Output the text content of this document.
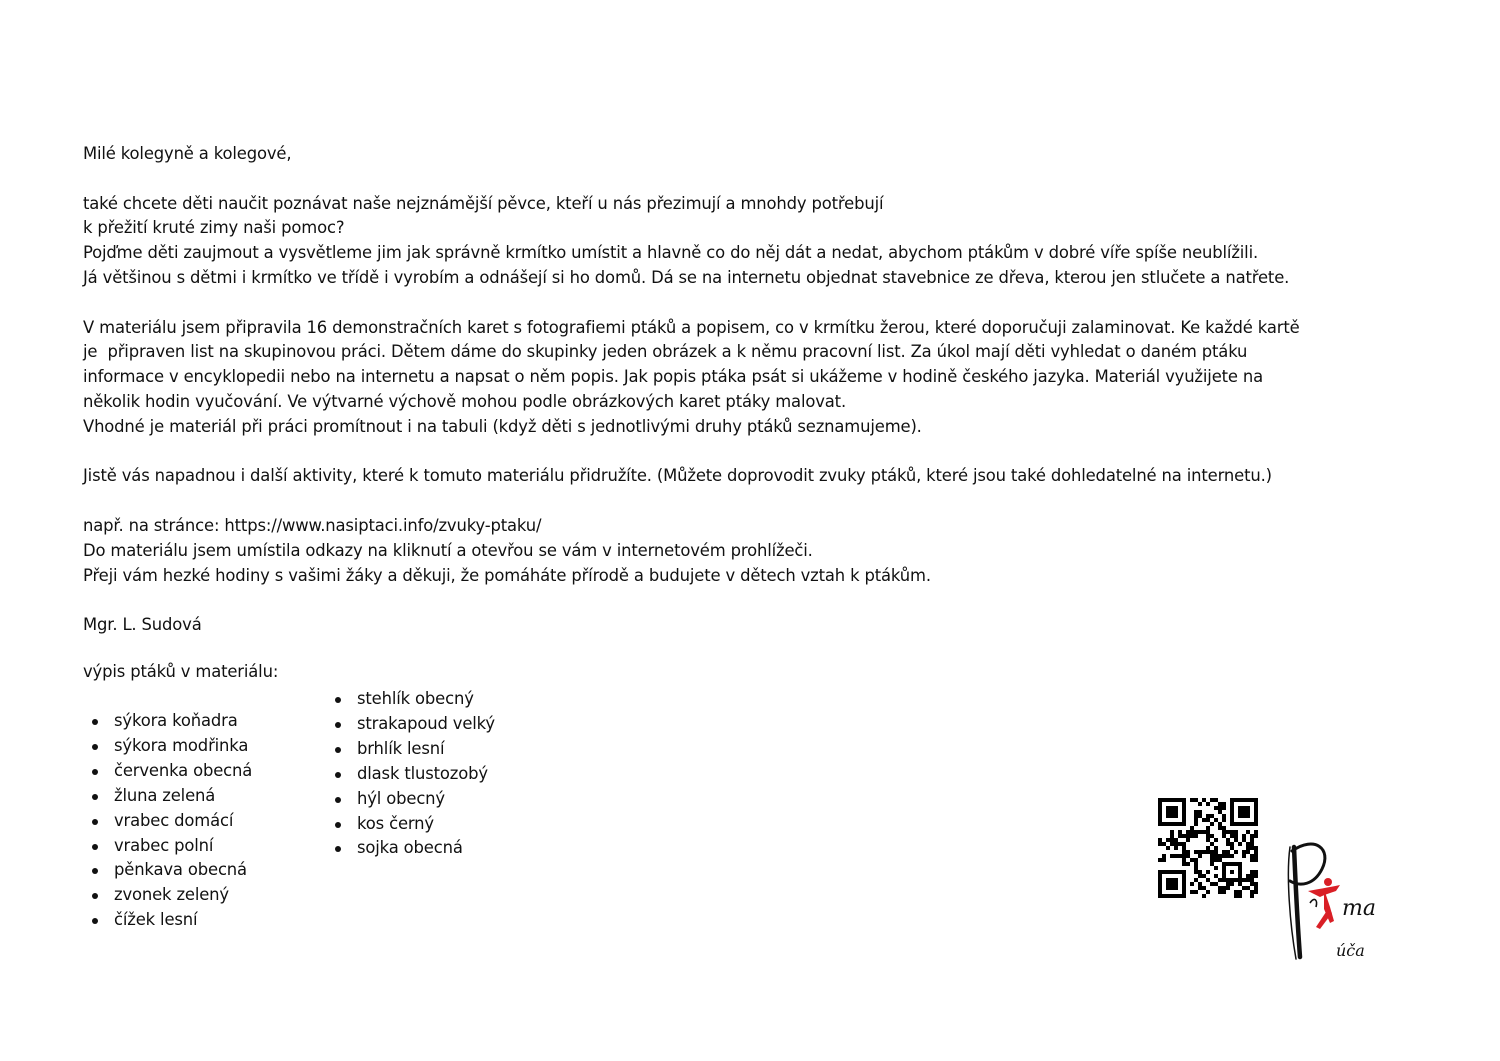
Milé kolegyně a kolegové,

také chcete děti naučit poznávat naše nejznámější pěvce, kteří u nás přezimují a mnohdy potřebují

k přežití kruté zimy naši pomoc?

Pojďme děti zaujmout a vysvětleme jim jak správně krmítko umístit a hlavně co do něj dát a nedat, abychom ptákům v dobré víře spíše neublížili.

Já většinou s dětmi i krmítko ve třídě i vyrobím a odnášejí si ho domů. Dá se na internetu objednat stavebnice ze dřeva, kterou jen stlučete a natřete.

V materiálu jsem připravila 16 demonstračních karet s fotografiemi ptáků a popisem, co v krmítku žerou, které doporučuji zalaminovat. Ke každé kartě

je  připraven list na skupinovou práci. Dětem dáme do skupinky jeden obrázek a k němu pracovní list. Za úkol mají děti vyhledat o daném ptáku

informace v encyklopedii nebo na internetu a napsat o něm popis. Jak popis ptáka psát si ukážeme v hodině českého jazyka. Materiál využijete na

několik hodin vyučování. Ve výtvarné výchově mohou podle obrázkových karet ptáky malovat.

Vhodné je materiál při práci promítnout i na tabuli (když děti s jednotlivými druhy ptáků seznamujeme).

Jistě vás napadnou i další aktivity, které k tomuto materiálu přidružíte. (Můžete doprovodit zvuky ptáků, které jsou také dohledatelné na internetu.)

např. na stránce: https://www.nasiptaci.info/zvuky-ptaku/

Do materiálu jsem umístila odkazy na kliknutí a otevřou se vám v internetovém prohlížeči.

Přeji vám hezké hodiny s vašimi žáky a děkuji, že pomáháte přírodě a budujete v dětech vztah k ptákům.

Mgr. L. Sudová

výpis ptáků v materiálu:
sýkora koňadra
sýkora modřinka
červenka obecná
žluna zelená
vrabec domácí
vrabec polní
pěnkava obecná
zvonek zelený
čížek lesní
stehlík obecný
strakapoud velký
brhlík lesní
dlask tlustozobý
hýl obecný
kos černý
sojka obecná
ma
úča
